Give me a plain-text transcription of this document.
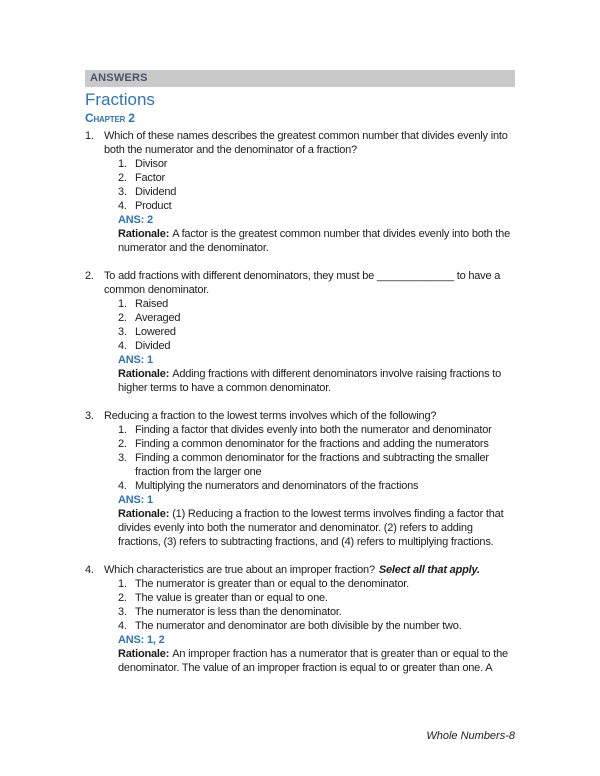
ANSWERS
Fractions
Chapter 2
1. Which of these names describes the greatest common number that divides evenly into both the numerator and the denominator of a fraction?
1. Divisor
2. Factor
3. Dividend
4. Product
ANS: 2
Rationale: A factor is the greatest common number that divides evenly into both the numerator and the denominator.
2. To add fractions with different denominators, they must be _____________ to have a common denominator.
1. Raised
2. Averaged
3. Lowered
4. Divided
ANS: 1
Rationale: Adding fractions with different denominators involve raising fractions to higher terms to have a common denominator.
3. Reducing a fraction to the lowest terms involves which of the following?
1. Finding a factor that divides evenly into both the numerator and denominator
2. Finding a common denominator for the fractions and adding the numerators
3. Finding a common denominator for the fractions and subtracting the smaller fraction from the larger one
4. Multiplying the numerators and denominators of the fractions
ANS: 1
Rationale: (1) Reducing a fraction to the lowest terms involves finding a factor that divides evenly into both the numerator and denominator. (2) refers to adding fractions, (3) refers to subtracting fractions, and (4) refers to multiplying fractions.
4. Which characteristics are true about an improper fraction? Select all that apply.
1. The numerator is greater than or equal to the denominator.
2. The value is greater than or equal to one.
3. The numerator is less than the denominator.
4. The numerator and denominator are both divisible by the number two.
ANS: 1, 2
Rationale: An improper fraction has a numerator that is greater than or equal to the denominator. The value of an improper fraction is equal to or greater than one. A
Whole Numbers-8
